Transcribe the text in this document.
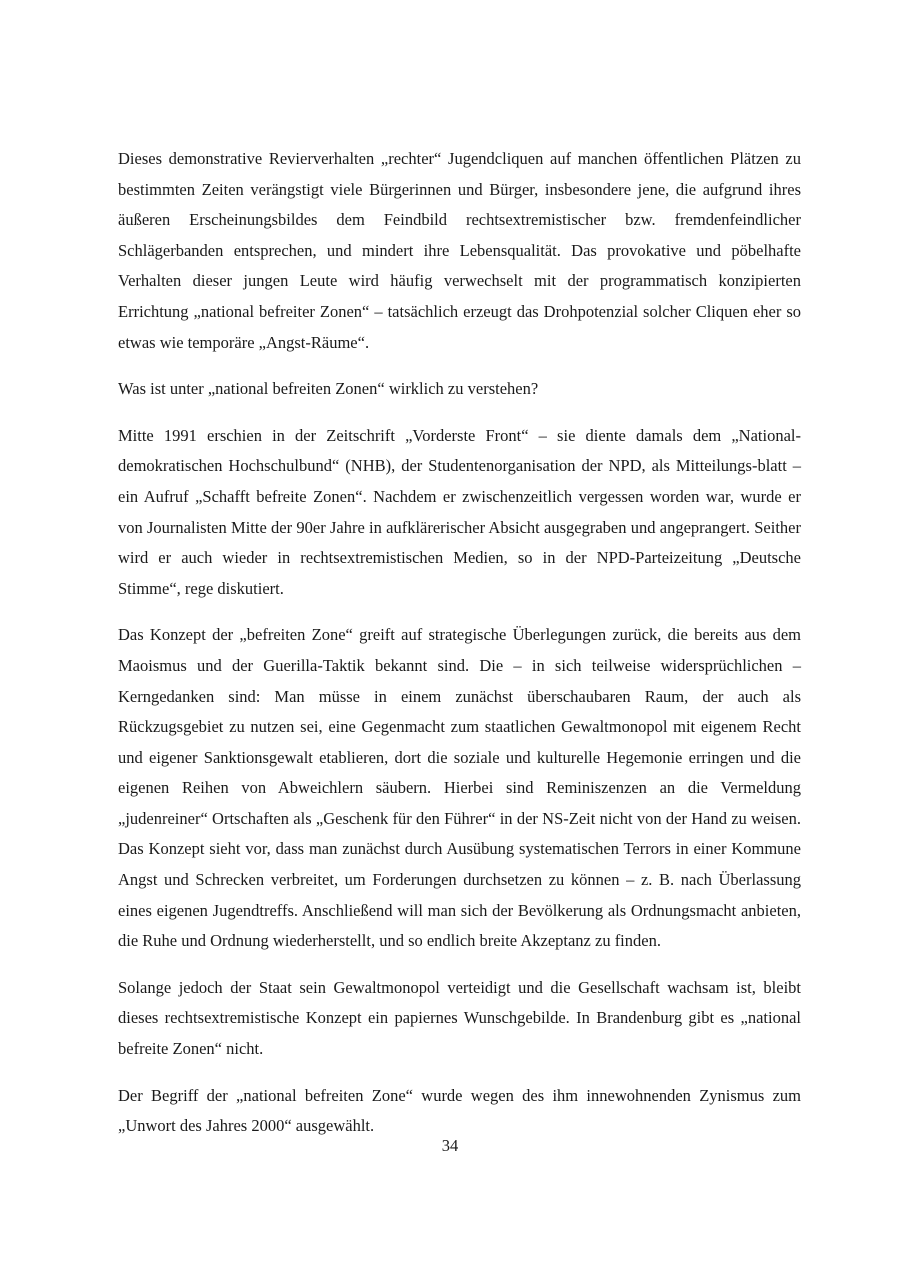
Dieses demonstrative Revierverhalten „rechter“ Jugendcliquen auf manchen öffentlichen Plätzen zu bestimmten Zeiten verängstigt viele Bürgerinnen und Bürger, insbesondere jene, die aufgrund ihres äußeren Erscheinungsbildes dem Feindbild rechtsextremistischer bzw. fremdenfeindlicher Schlägerbanden entsprechen, und mindert ihre Lebensqualität. Das provokative und pöbelhafte Verhalten dieser jungen Leute wird häufig verwechselt mit der programmatisch konzipierten Errichtung „national befreiter Zonen“ – tatsächlich erzeugt das Drohpotenzial solcher Cliquen eher so etwas wie temporäre „Angst-Räume“.

Was ist unter „national befreiten Zonen“ wirklich zu verstehen?

Mitte 1991 erschien in der Zeitschrift „Vorderste Front“ – sie diente damals dem „National-demokratischen Hochschulbund“ (NHB), der Studentenorganisation der NPD, als Mitteilungs-blatt – ein Aufruf „Schafft befreite Zonen“. Nachdem er zwischenzeitlich vergessen worden war, wurde er von Journalisten Mitte der 90er Jahre in aufklärerischer Absicht ausgegraben und angeprangert. Seither wird er auch wieder in rechtsextremistischen Medien, so in der NPD-Parteizeitung „Deutsche Stimme“, rege diskutiert.

Das Konzept der „befreiten Zone“ greift auf strategische Überlegungen zurück, die bereits aus dem Maoismus und der Guerilla-Taktik bekannt sind. Die – in sich teilweise widersprüchlichen – Kerngedanken sind: Man müsse in einem zunächst überschaubaren Raum, der auch als Rückzugsgebiet zu nutzen sei, eine Gegenmacht zum staatlichen Gewaltmonopol mit eigenem Recht und eigener Sanktionsgewalt etablieren, dort die soziale und kulturelle Hegemonie erringen und die eigenen Reihen von Abweichlern säubern. Hierbei sind Reminiszenzen an die Vermeldung „judenreiner“ Ortschaften als „Geschenk für den Führer“ in der NS-Zeit nicht von der Hand zu weisen. Das Konzept sieht vor, dass man zunächst durch Ausübung systematischen Terrors in einer Kommune Angst und Schrecken verbreitet, um Forderungen durchsetzen zu können – z. B. nach Überlassung eines eigenen Jugendtreffs. Anschließend will man sich der Bevölkerung als Ordnungsmacht anbieten, die Ruhe und Ordnung wiederherstellt, und so endlich breite Akzeptanz zu finden.

Solange jedoch der Staat sein Gewaltmonopol verteidigt und die Gesellschaft wachsam ist, bleibt dieses rechtsextremistische Konzept ein papiernes Wunschgebilde. In Brandenburg gibt es „national befreite Zonen“ nicht.

Der Begriff der „national befreiten Zone“ wurde wegen des ihm innewohnenden Zynismus zum „Unwort des Jahres 2000“ ausgewählt.

34
